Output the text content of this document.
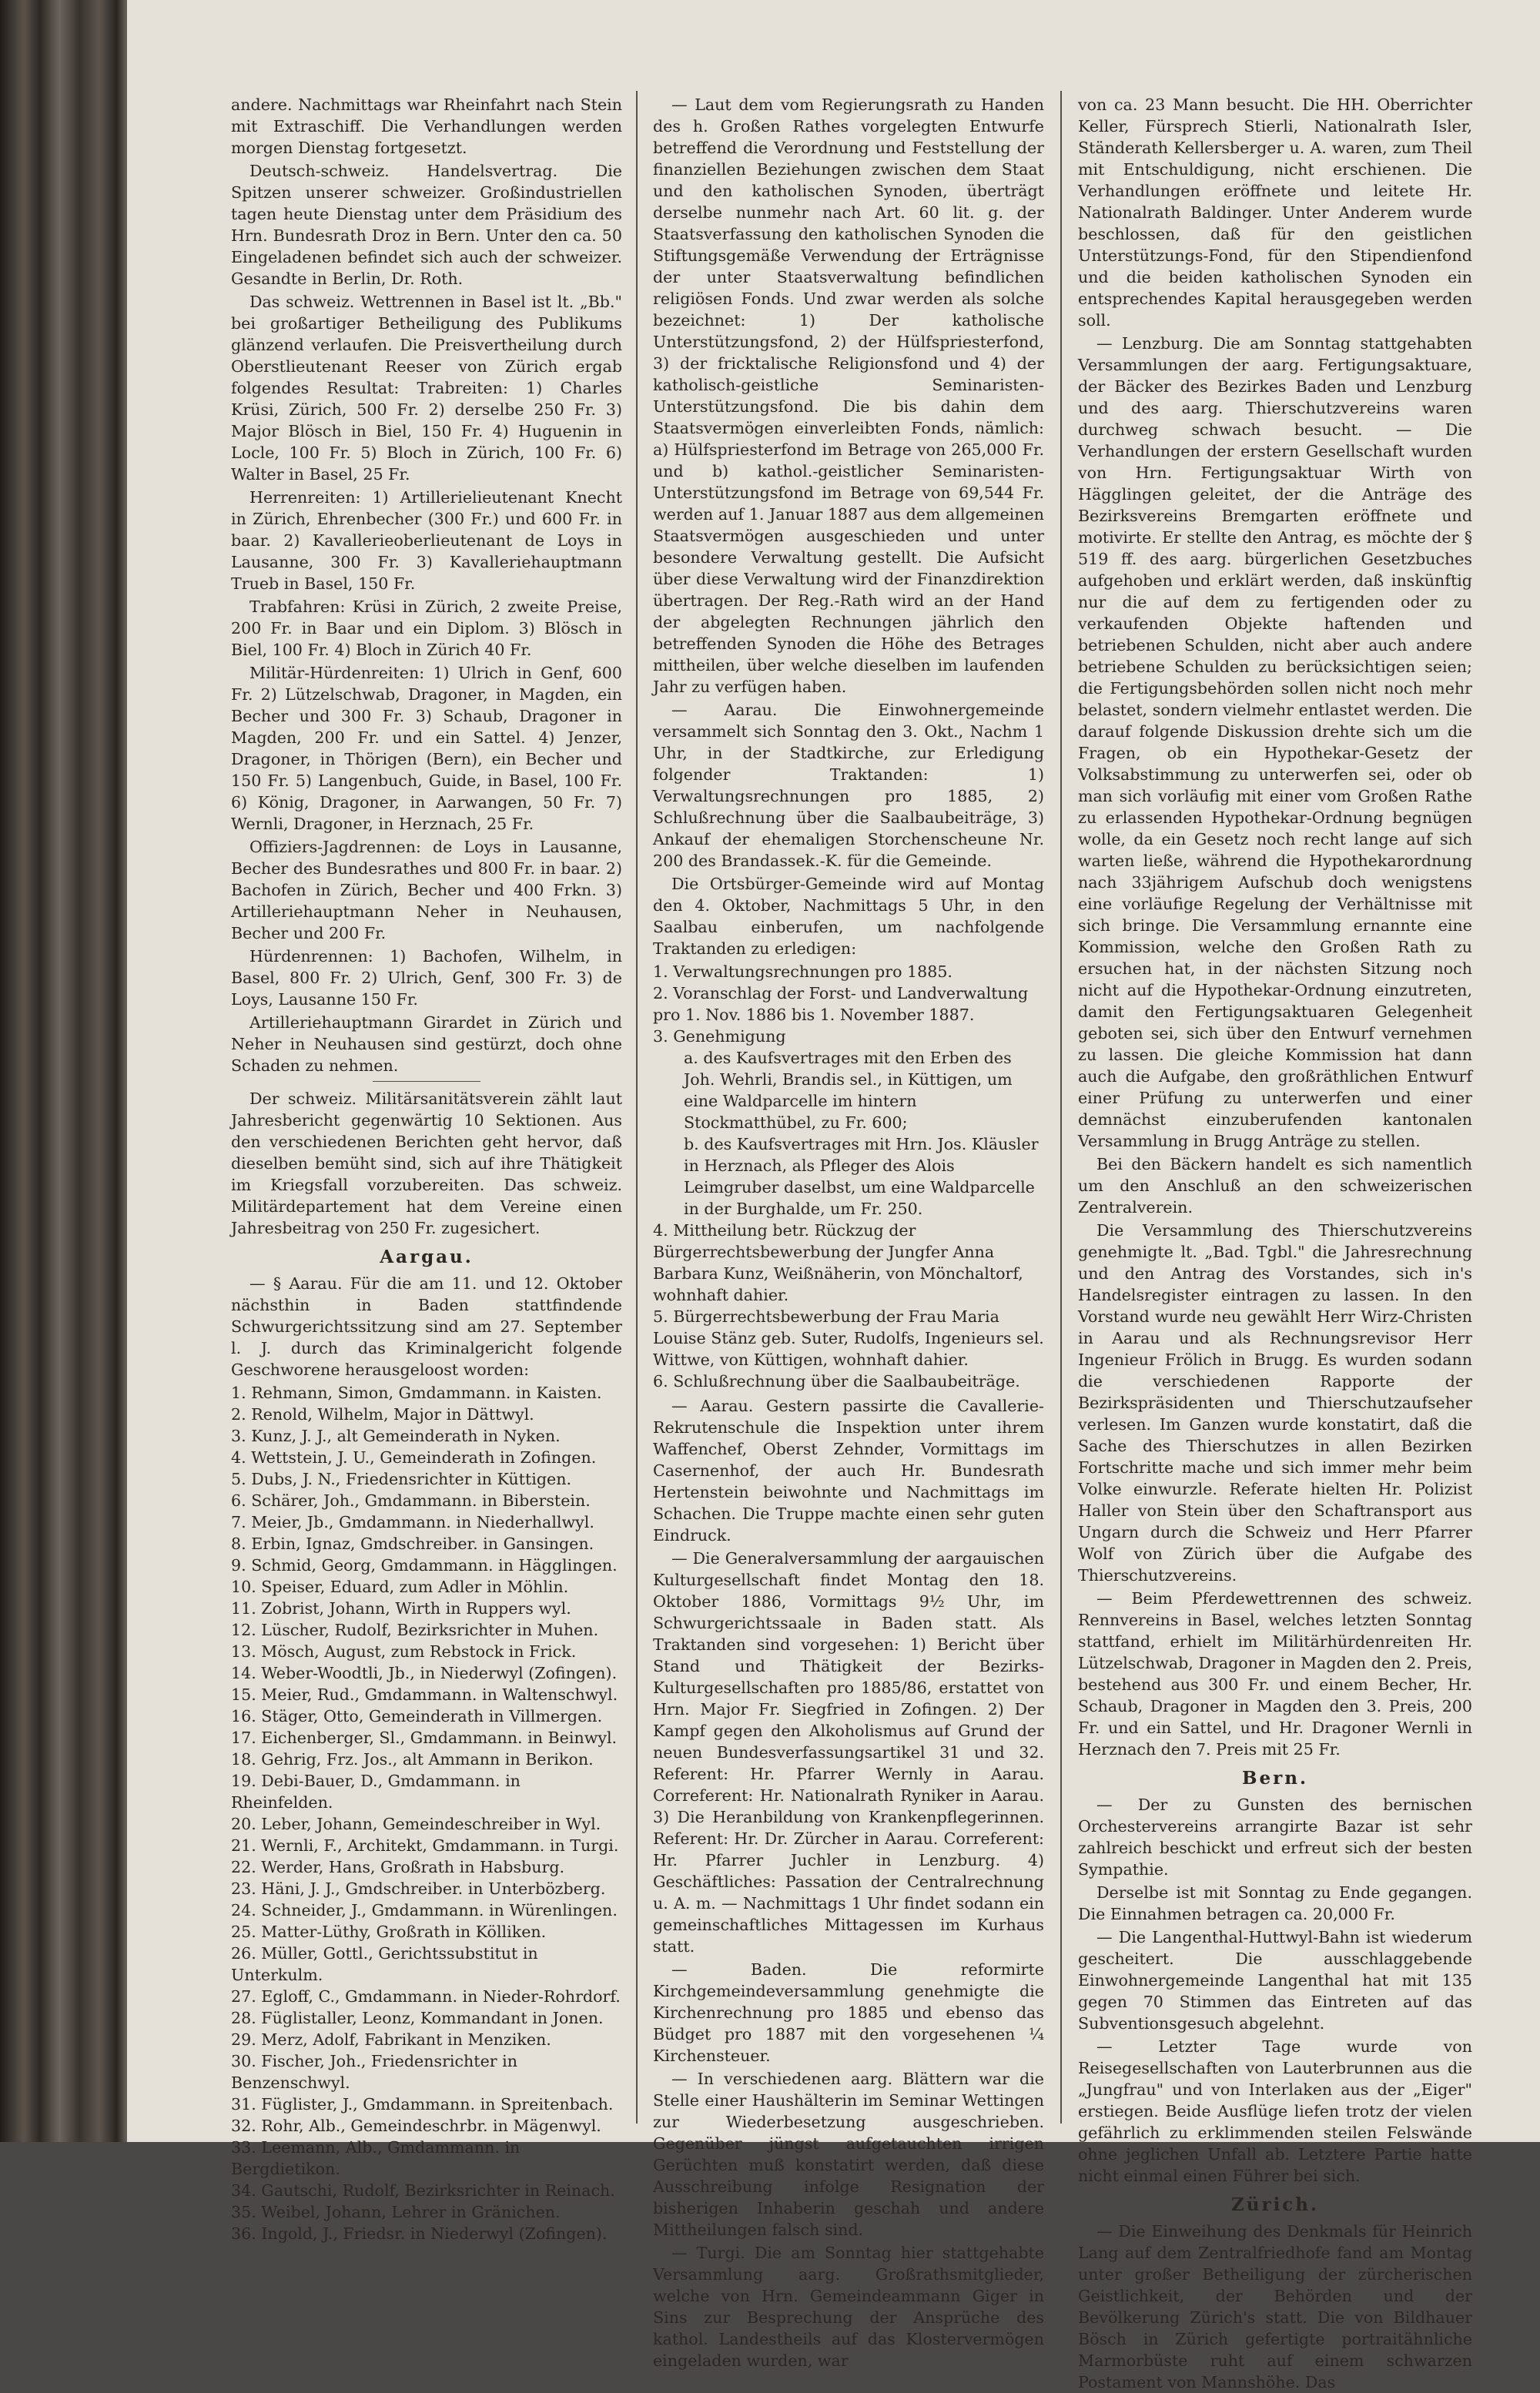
andere. Nachmittags war Rheinfahrt nach Stein mit Extraschiff. Die Verhandlungen werden morgen Dienstag fortgesetzt.

Deutsch-schweiz. Handelsvertrag. Die Spitzen unserer schweizer. Großindustriellen tagen heute Dienstag unter dem Präsidium des Hrn. Bundesrath Droz in Bern. Unter den ca. 50 Eingeladenen befindet sich auch der schweizer. Gesandte in Berlin, Dr. Roth.

Das schweiz. Wettrennen in Basel ist lt. „Bb." bei großartiger Betheiligung des Publikums glänzend verlaufen. Die Preisvertheilung durch Oberstlieutenant Reeser von Zürich ergab folgendes Resultat: Trabreiten: 1) Charles Krüsi, Zürich, 500 Fr. 2) derselbe 250 Fr. 3) Major Blösch in Biel, 150 Fr. 4) Huguenin in Locle, 100 Fr. 5) Bloch in Zürich, 100 Fr. 6) Walter in Basel, 25 Fr.

Herrenreiten: 1) Artillerielieutenant Knecht in Zürich, Ehrenbecher (300 Fr.) und 600 Fr. in baar. 2) Kavallerieoberlieutenant de Loys in Lausanne, 300 Fr. 3) Kavalleriehauptmann Trueb in Basel, 150 Fr.

Trabfahren: Krüsi in Zürich, 2 zweite Preise, 200 Fr. in Baar und ein Diplom. 3) Blösch in Biel, 100 Fr. 4) Bloch in Zürich 40 Fr.

Militär-Hürdenreiten: 1) Ulrich in Genf, 600 Fr. 2) Lützelschwab, Dragoner, in Magden, ein Becher und 300 Fr. 3) Schaub, Dragoner in Magden, 200 Fr. und ein Sattel. 4) Jenzer, Dragoner, in Thörigen (Bern), ein Becher und 150 Fr. 5) Langenbuch, Guide, in Basel, 100 Fr. 6) König, Dragoner, in Aarwangen, 50 Fr. 7) Wernli, Dragoner, in Herznach, 25 Fr.

Offiziers-Jagdrennen: de Loys in Lausanne, Becher des Bundesrathes und 800 Fr. in baar. 2) Bachofen in Zürich, Becher und 400 Frkn. 3) Artilleriehauptmann Neher in Neuhausen, Becher und 200 Fr.

Hürdenrennen: 1) Bachofen, Wilhelm, in Basel, 800 Fr. 2) Ulrich, Genf, 300 Fr. 3) de Loys, Lausanne 150 Fr.

Artilleriehauptmann Girardet in Zürich und Neher in Neuhausen sind gestürzt, doch ohne Schaden zu nehmen.

Der schweiz. Militärsanitätsverein zählt laut Jahresbericht gegenwärtig 10 Sektionen. Aus den verschiedenen Berichten geht hervor, daß dieselben bemüht sind, sich auf ihre Thätigkeit im Kriegsfall vorzubereiten. Das schweiz. Militärdepartement hat dem Vereine einen Jahresbeitrag von 250 Fr. zugesichert.

Aargau.

— § Aarau. Für die am 11. und 12. Oktober nächsthin in Baden stattfindende Schwurgerichtssitzung sind am 27. September l. J. durch das Kriminalgericht folgende Geschworene herausgeloost worden:

1. Rehmann, Simon, Gmdammann. in Kaisten.
2. Renold, Wilhelm, Major in Dättwyl.
3. Kunz, J. J., alt Gemeinderath in Nyken.
4. Wettstein, J. U., Gemeinderath in Zofingen.
5. Dubs, J. N., Friedensrichter in Küttigen.
6. Schärer, Joh., Gmdammann. in Biberstein.
7. Meier, Jb., Gmdammann. in Niederhallwyl.
8. Erbin, Ignaz, Gmdschreiber. in Gansingen.
9. Schmid, Georg, Gmdammann. in Hägglingen.
10. Speiser, Eduard, zum Adler in Möhlin.
11. Zobrist, Johann, Wirth in Ruppers wyl.
12. Lüscher, Rudolf, Bezirksrichter in Muhen.
13. Mösch, August, zum Rebstock in Frick.
14. Weber-Woodtli, Jb., in Niederwyl (Zofingen).
15. Meier, Rud., Gmdammann. in Waltenschwyl.
16. Stäger, Otto, Gemeinderath in Villmergen.
17. Eichenberger, Sl., Gmdammann. in Beinwyl.
18. Gehrig, Frz. Jos., alt Ammann in Berikon.
19. Debi-Bauer, D., Gmdammann. in Rheinfelden.
20. Leber, Johann, Gemeindeschreiber in Wyl.
21. Wernli, F., Architekt, Gmdammann. in Turgi.
22. Werder, Hans, Großrath in Habsburg.
23. Häni, J. J., Gmdschreiber. in Unterbözberg.
24. Schneider, J., Gmdammann. in Würenlingen.
25. Matter-Lüthy, Großrath in Kölliken.
26. Müller, Gottl., Gerichtssubstitut in Unterkulm.
27. Egloff, C., Gmdammann. in Nieder-Rohrdorf.
28. Füglistaller, Leonz, Kommandant in Jonen.
29. Merz, Adolf, Fabrikant in Menziken.
30. Fischer, Joh., Friedensrichter in Benzenschwyl.
31. Füglister, J., Gmdammann. in Spreitenbach.
32. Rohr, Alb., Gemeindeschrbr. in Mägenwyl.
33. Leemann, Alb., Gmdammann. in Bergdietikon.
34. Gautschi, Rudolf, Bezirksrichter in Reinach.
35. Weibel, Johann, Lehrer in Gränichen.
36. Ingold, J., Friedsr. in Niederwyl (Zofingen).

— Laut dem vom Regierungsrath zu Handen des h. Großen Rathes vorgelegten Entwurfe betreffend die Verordnung und Feststellung der finanziellen Beziehungen zwischen dem Staat und den katholischen Synoden, überträgt derselbe nunmehr nach Art. 60 lit. g. der Staatsverfassung den katholischen Synoden die Stiftungsgemäße Verwendung der Erträgnisse der unter Staatsverwaltung befindlichen religiösen Fonds. Und zwar werden als solche bezeichnet: 1) Der katholische Unterstützungsfond, 2) der Hülfspriesterfond, 3) der fricktalische Religionsfond und 4) der katholisch-geistliche Seminaristen-Unterstützungsfond. Die bis dahin dem Staatsvermögen einverleibten Fonds, nämlich: a) Hülfspriesterfond im Betrage von 265,000 Fr. und b) kathol.-geistlicher Seminaristen-Unterstützungsfond im Betrage von 69,544 Fr. werden auf 1. Januar 1887 aus dem allgemeinen Staatsvermögen ausgeschieden und unter besondere Verwaltung gestellt. Die Aufsicht über diese Verwaltung wird der Finanzdirektion übertragen. Der Reg.-Rath wird an der Hand der abgelegten Rechnungen jährlich den betreffenden Synoden die Höhe des Betrages mittheilen, über welche dieselben im laufenden Jahr zu verfügen haben.

— Aarau. Die Einwohnergemeinde versammelt sich Sonntag den 3. Okt., Nachm 1 Uhr, in der Stadtkirche, zur Erledigung folgender Traktanden: 1) Verwaltungsrechnungen pro 1885, 2) Schlußrechnung über die Saalbaubeiträge, 3) Ankauf der ehemaligen Storchenscheune Nr. 200 des Brandassek.-K. für die Gemeinde.

Die Ortsbürger-Gemeinde wird auf Montag den 4. Oktober, Nachmittags 5 Uhr, in den Saalbau einberufen, um nachfolgende Traktanden zu erledigen:

1. Verwaltungsrechnungen pro 1885.
2. Voranschlag der Forst- und Landverwaltung pro 1. Nov. 1886 bis 1. November 1887.
3. Genehmigung
a. des Kaufsvertrages mit den Erben des Joh. Wehrli, Brandis sel., in Küttigen, um eine Waldparcelle im hintern Stockmatthübel, zu Fr. 600;
b. des Kaufsvertrages mit Hrn. Jos. Kläusler in Herznach, als Pfleger des Alois Leimgruber daselbst, um eine Waldparcelle in der Burghalde, um Fr. 250.
4. Mittheilung betr. Rückzug der Bürgerrechtsbewerbung der Jungfer Anna Barbara Kunz, Weißnäherin, von Mönchaltorf, wohnhaft dahier.
5. Bürgerrechtsbewerbung der Frau Maria Louise Stänz geb. Suter, Rudolfs, Ingenieurs sel. Wittwe, von Küttigen, wohnhaft dahier.
6. Schlußrechnung über die Saalbaubeiträge.

— Aarau. Gestern passirte die Cavallerie-Rekrutenschule die Inspektion unter ihrem Waffenchef, Oberst Zehnder, Vormittags im Casernenhof, der auch Hr. Bundesrath Hertenstein beiwohnte und Nachmittags im Schachen. Die Truppe machte einen sehr guten Eindruck.

— Die Generalversammlung der aargauischen Kulturgesellschaft findet Montag den 18. Oktober 1886, Vormittags 9½ Uhr, im Schwurgerichtssaale in Baden statt. Als Traktanden sind vorgesehen: 1) Bericht über Stand und Thätigkeit der Bezirks-Kulturgesellschaften pro 1885/86, erstattet von Hrn. Major Fr. Siegfried in Zofingen. 2) Der Kampf gegen den Alkoholismus auf Grund der neuen Bundesverfassungsartikel 31 und 32. Referent: Hr. Pfarrer Wernly in Aarau. Correferent: Hr. Nationalrath Ryniker in Aarau. 3) Die Heranbildung von Krankenpflegerinnen. Referent: Hr. Dr. Zürcher in Aarau. Correferent: Hr. Pfarrer Juchler in Lenzburg. 4) Geschäftliches: Passation der Centralrechnung u. A. m. — Nachmittags 1 Uhr findet sodann ein gemeinschaftliches Mittagessen im Kurhaus statt.

— Baden. Die reformirte Kirchgemeindeversammlung genehmigte die Kirchenrechnung pro 1885 und ebenso das Büdget pro 1887 mit den vorgesehenen ¼ Kirchensteuer.

— In verschiedenen aarg. Blättern war die Stelle einer Haushälterin im Seminar Wettingen zur Wiederbesetzung ausgeschrieben. Gegenüber jüngst aufgetauchten irrigen Gerüchten muß konstatirt werden, daß diese Ausschreibung infolge Resignation der bisherigen Inhaberin geschah und andere Mittheilungen falsch sind.

— Turgi. Die am Sonntag hier stattgehabte Versammlung aarg. Großrathsmitglieder, welche von Hrn. Gemeindeammann Giger in Sins zur Besprechung der Ansprüche des kathol. Landestheils auf das Klostervermögen eingeladen wurden, war

von ca. 23 Mann besucht. Die HH. Oberrichter Keller, Fürsprech Stierli, Nationalrath Isler, Ständerath Kellersberger u. A. waren, zum Theil mit Entschuldigung, nicht erschienen. Die Verhandlungen eröffnete und leitete Hr. Nationalrath Baldinger. Unter Anderem wurde beschlossen, daß für den geistlichen Unterstützungs-Fond, für den Stipendienfond und die beiden katholischen Synoden ein entsprechendes Kapital herausgegeben werden soll.

— Lenzburg. Die am Sonntag stattgehabten Versammlungen der aarg. Fertigungsaktuare, der Bäcker des Bezirkes Baden und Lenzburg und des aarg. Thierschutzvereins waren durchweg schwach besucht. — Die Verhandlungen der erstern Gesellschaft wurden von Hrn. Fertigungsaktuar Wirth von Hägglingen geleitet, der die Anträge des Bezirksvereins Bremgarten eröffnete und motivirte. Er stellte den Antrag, es möchte der § 519 ff. des aarg. bürgerlichen Gesetzbuches aufgehoben und erklärt werden, daß inskünftig nur die auf dem zu fertigenden oder zu verkaufenden Objekte haftenden und betriebenen Schulden, nicht aber auch andere betriebene Schulden zu berücksichtigen seien; die Fertigungsbehörden sollen nicht noch mehr belastet, sondern vielmehr entlastet werden. Die darauf folgende Diskussion drehte sich um die Fragen, ob ein Hypothekar-Gesetz der Volksabstimmung zu unterwerfen sei, oder ob man sich vorläufig mit einer vom Großen Rathe zu erlassenden Hypothekar-Ordnung begnügen wolle, da ein Gesetz noch recht lange auf sich warten ließe, während die Hypothekarordnung nach 33jährigem Aufschub doch wenigstens eine vorläufige Regelung der Verhältnisse mit sich bringe. Die Versammlung ernannte eine Kommission, welche den Großen Rath zu ersuchen hat, in der nächsten Sitzung noch nicht auf die Hypothekar-Ordnung einzutreten, damit den Fertigungsaktuaren Gelegenheit geboten sei, sich über den Entwurf vernehmen zu lassen. Die gleiche Kommission hat dann auch die Aufgabe, den großräthlichen Entwurf einer Prüfung zu unterwerfen und einer demnächst einzuberufenden kantonalen Versammlung in Brugg Anträge zu stellen.

Bei den Bäckern handelt es sich namentlich um den Anschluß an den schweizerischen Zentralverein.

Die Versammlung des Thierschutzvereins genehmigte lt. „Bad. Tgbl." die Jahresrechnung und den Antrag des Vorstandes, sich in's Handelsregister eintragen zu lassen. In den Vorstand wurde neu gewählt Herr Wirz-Christen in Aarau und als Rechnungsrevisor Herr Ingenieur Frölich in Brugg. Es wurden sodann die verschiedenen Rapporte der Bezirkspräsidenten und Thierschutzaufseher verlesen. Im Ganzen wurde konstatirt, daß die Sache des Thierschutzes in allen Bezirken Fortschritte mache und sich immer mehr beim Volke einwurzle. Referate hielten Hr. Polizist Haller von Stein über den Schaftransport aus Ungarn durch die Schweiz und Herr Pfarrer Wolf von Zürich über die Aufgabe des Thierschutzvereins.

— Beim Pferdewettrennen des schweiz. Rennvereins in Basel, welches letzten Sonntag stattfand, erhielt im Militärhürdenreiten Hr. Lützelschwab, Dragoner in Magden den 2. Preis, bestehend aus 300 Fr. und einem Becher, Hr. Schaub, Dragoner in Magden den 3. Preis, 200 Fr. und ein Sattel, und Hr. Dragoner Wernli in Herznach den 7. Preis mit 25 Fr.

Bern.

— Der zu Gunsten des bernischen Orchestervereins arrangirte Bazar ist sehr zahlreich beschickt und erfreut sich der besten Sympathie.

Derselbe ist mit Sonntag zu Ende gegangen. Die Einnahmen betragen ca. 20,000 Fr.

— Die Langenthal-Huttwyl-Bahn ist wiederum gescheitert. Die ausschlaggebende Einwohnergemeinde Langenthal hat mit 135 gegen 70 Stimmen das Eintreten auf das Subventionsgesuch abgelehnt.

— Letzter Tage wurde von Reisegesellschaften von Lauterbrunnen aus die „Jungfrau" und von Interlaken aus der „Eiger" erstiegen. Beide Ausflüge liefen trotz der vielen gefährlich zu erklimmenden steilen Felswände ohne jeglichen Unfall ab. Letztere Partie hatte nicht einmal einen Führer bei sich.

Zürich.

— Die Einweihung des Denkmals für Heinrich Lang auf dem Zentralfriedhofe fand am Montag unter großer Betheiligung der zürcherischen Geistlichkeit, der Behörden und der Bevölkerung Zürich's statt. Die von Bildhauer Bösch in Zürich gefertigte portraitähnliche Marmorbüste ruht auf einem schwarzen Postament von Mannshöhe. Das
